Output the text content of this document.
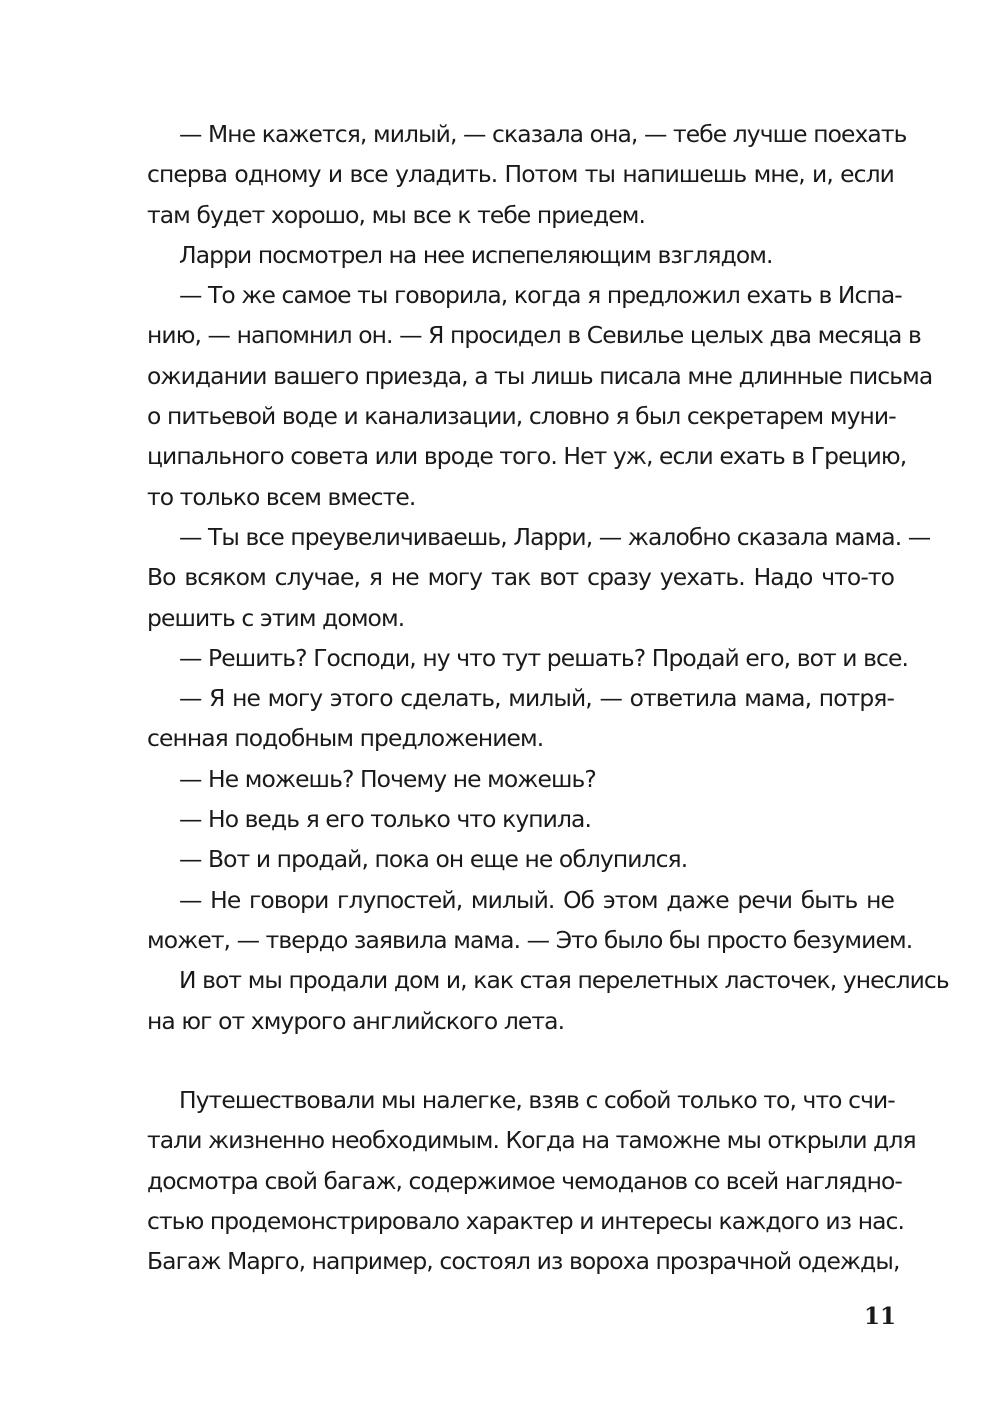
— Мне кажется, милый, — сказала она, — тебе лучше поехать
сперва одному и все уладить. Потом ты напишешь мне, и, если
там будет хорошо, мы все к тебе приедем.
Ларри посмотрел на нее испепеляющим взглядом.
— То же самое ты говорила, когда я предложил ехать в Испа-
нию, — напомнил он. — Я просидел в Севилье целых два месяца в
ожидании вашего приезда, а ты лишь писала мне длинные письма
о питьевой воде и канализации, словно я был секретарем муни-
ципального совета или вроде того. Нет уж, если ехать в Грецию,
то только всем вместе.
— Ты все преувеличиваешь, Ларри, — жалобно сказала мама. —
Во всяком случае, я не могу так вот сразу уехать. Надо что-то
решить с этим домом.
— Решить? Господи, ну что тут решать? Продай его, вот и все.
— Я не могу этого сделать, милый, — ответила мама, потря-
сенная подобным предложением.
— Не можешь? Почему не можешь?
— Но ведь я его только что купила.
— Вот и продай, пока он еще не облупился.
— Не говори глупостей, милый. Об этом даже речи быть не
может, — твердо заявила мама. — Это было бы просто безумием.
И вот мы продали дом и, как стая перелетных ласточек, унеслись
на юг от хмурого английского лета.
Путешествовали мы налегке, взяв с собой только то, что счи-
тали жизненно необходимым. Когда на таможне мы открыли для
досмотра свой багаж, содержимое чемоданов со всей наглядно-
стью продемонстрировало характер и интересы каждого из нас.
Багаж Марго, например, состоял из вороха прозрачной одежды,
11
